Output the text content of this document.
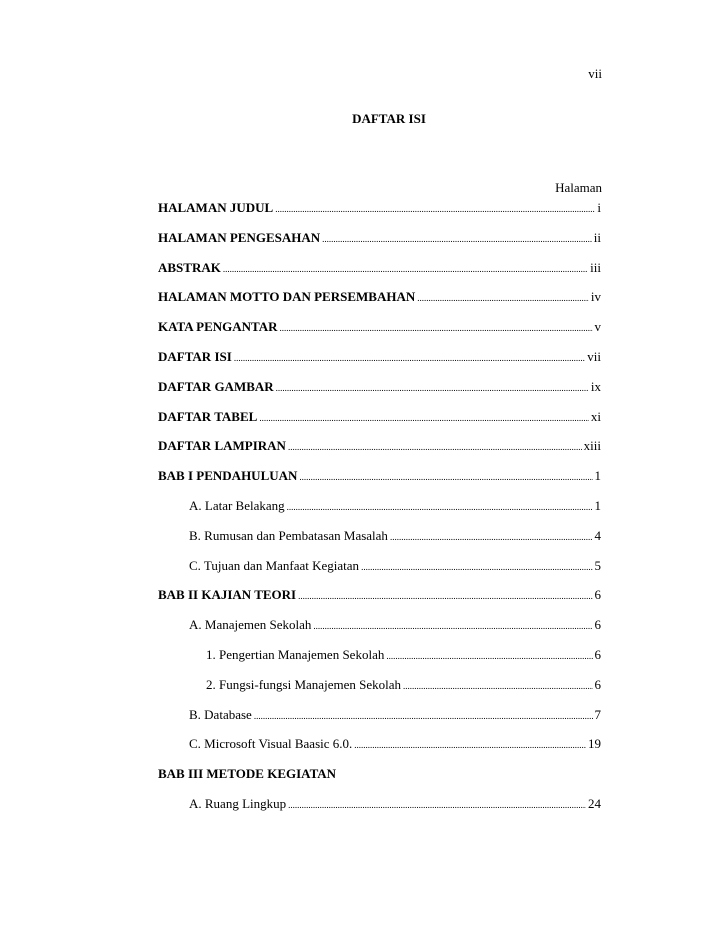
vii
DAFTAR ISI
Halaman
HALAMAN JUDUL .....	i
HALAMAN PENGESAHAN .....	ii
ABSTRAK .....	iii
HALAMAN MOTTO DAN PERSEMBAHAN .....	iv
KATA PENGANTAR .....	v
DAFTAR ISI .....	vii
DAFTAR GAMBAR .....	ix
DAFTAR TABEL .....	xi
DAFTAR LAMPIRAN .....	xiii
BAB I PENDAHULUAN .....	1
A. Latar Belakang .....	1
B. Rumusan dan Pembatasan Masalah .....	4
C. Tujuan dan Manfaat Kegiatan .....	5
BAB II KAJIAN TEORI .....	6
A. Manajemen Sekolah .....	6
1. Pengertian Manajemen Sekolah .....	6
2. Fungsi-fungsi Manajemen Sekolah .....	6
B. Database .....	7
C. Microsoft Visual Baasic 6.0. .....	19
BAB III METODE KEGIATAN
A. Ruang Lingkup .....	24
